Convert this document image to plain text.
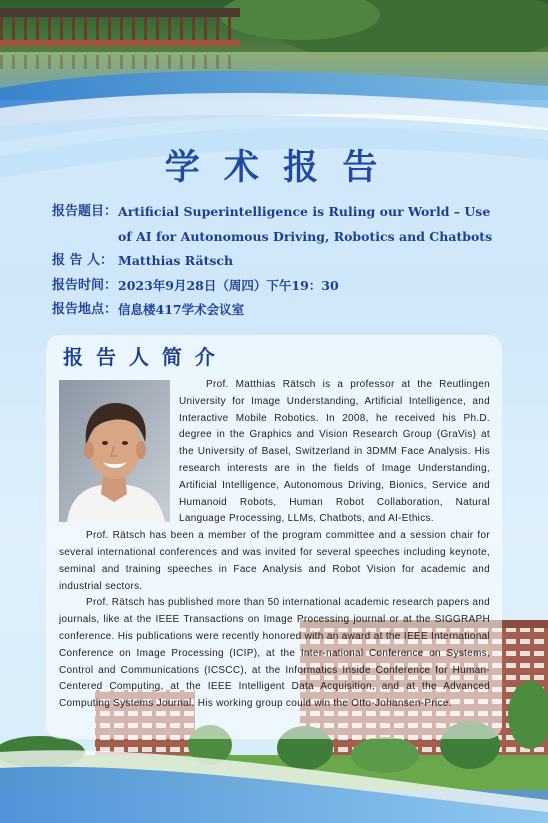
学 术 报 告
报告题目： Artificial Superintelligence is Ruling our World – Use of AI for Autonomous Driving, Robotics and Chatbots
报 告 人： Matthias Rätsch
报告时间： 2023年9月28日（周四）下午19：30
报告地点： 信息楼417学术会议室
报 告 人 简 介

Prof. Matthias Rätsch is a professor at the Reutlingen University for Image Understanding, Artificial Intelligence, and Interactive Mobile Robotics. In 2008, he received his Ph.D. degree in the Graphics and Vision Research Group (GraVis) at the University of Basel, Switzerland in 3DMM Face Analysis. His research interests are in the fields of Image Understanding, Artificial Intelligence, Autonomous Driving, Bionics, Service and Humanoid Robots, Human Robot Collaboration, Natural Language Processing, LLMs, Chatbots, and AI-Ethics.

Prof. Rätsch has been a member of the program committee and a session chair for several international conferences and was invited for several speeches including keynote, seminal and training speeches in Face Analysis and Robot Vision for academic and industrial sectors.

Prof. Rätsch has published more than 50 international academic research papers and journals, like at the IEEE Transactions on Image Processing journal or at the SIGGRAPH conference. His publications were recently honored with an award at the IEEE International Conference on Image Processing (ICIP), at the Inter-national Conference on Systems, Control and Communications (ICSCC), at the Informatics Inside Conference for Human-Centered Computing, at the IEEE Intelligent Data Acquisition, and at the Advanced Computing Systems Journal. His working group could win the Otto-Johansen-Price.
